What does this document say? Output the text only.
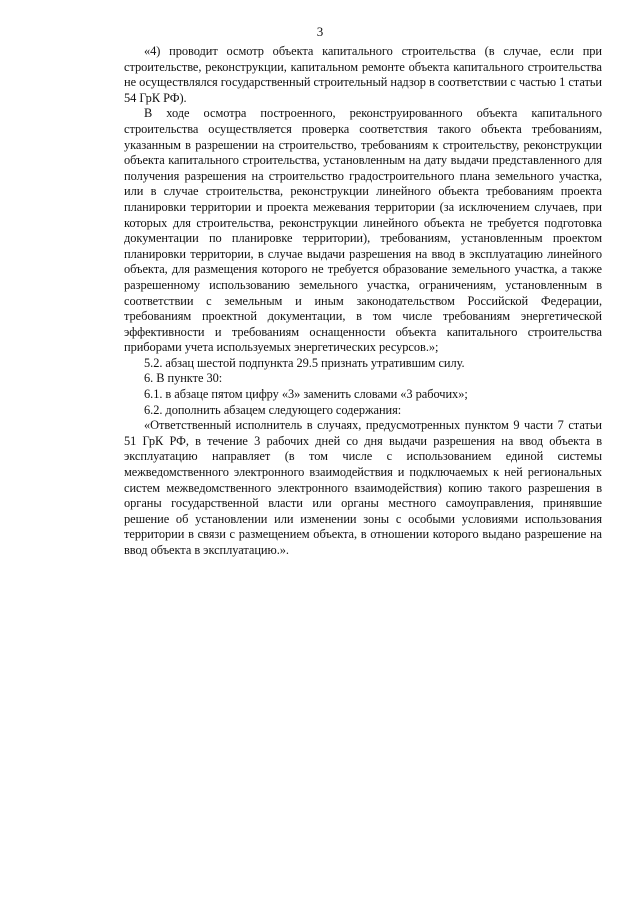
3

«4) проводит осмотр объекта капитального строительства (в случае, если при строительстве, реконструкции, капитальном ремонте объекта капитального строительства не осуществлялся государственный строительный надзор в соответствии с частью 1 статьи 54 ГрК РФ).

В ходе осмотра построенного, реконструированного объекта капитального строительства осуществляется проверка соответствия такого объекта требованиям, указанным в разрешении на строительство, требованиям к строительству, реконструкции объекта капитального строительства, установленным на дату выдачи представленного для получения разрешения на строительство градостроительного плана земельного участка, или в случае строительства, реконструкции линейного объекта требованиям проекта планировки территории и проекта межевания территории (за исключением случаев, при которых для строительства, реконструкции линейного объекта не требуется подготовка документации по планировке территории), требованиям, установленным проектом планировки территории, в случае выдачи разрешения на ввод в эксплуатацию линейного объекта, для размещения которого не требуется образование земельного участка, а также разрешенному использованию земельного участка, ограничениям, установленным в соответствии с земельным и иным законодательством Российской Федерации, требованиям проектной документации, в том числе требованиям энергетической эффективности и требованиям оснащенности объекта капитального строительства приборами учета используемых энергетических ресурсов.»;

5.2. абзац шестой подпункта 29.5 признать утратившим силу.

6. В пункте 30:

6.1. в абзаце пятом цифру «3» заменить словами «3 рабочих»;

6.2. дополнить абзацем следующего содержания:

«Ответственный исполнитель в случаях, предусмотренных пунктом 9 части 7 статьи 51 ГрК РФ, в течение 3 рабочих дней со дня выдачи разрешения на ввод объекта в эксплуатацию направляет (в том числе с использованием единой системы межведомственного электронного взаимодействия и подключаемых к ней региональных систем межведомственного электронного взаимодействия) копию такого разрешения в органы государственной власти или органы местного самоуправления, принявшие решение об установлении или изменении зоны с особыми условиями использования территории в связи с размещением объекта, в отношении которого выдано разрешение на ввод объекта в эксплуатацию.».
